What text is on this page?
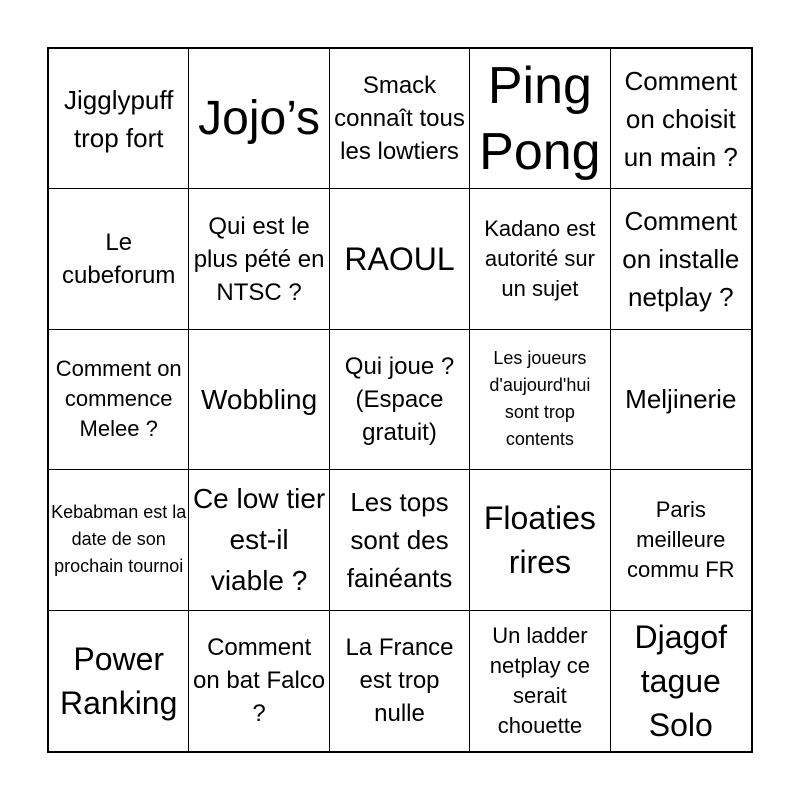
Jigglypuff trop fort Jojo’s
Smack connaît tous les lowtiers
Ping Pong
Comment on choisit un main ?
Le cubeforum
Qui est le plus pété en NTSC ?
RAOUL
Kadano est autorité sur un sujet
Comment on installe netplay ?
Comment on commence Melee ?
Wobbling
Qui joue ? (Espace gratuit)
Les joueurs d'aujourd'hui sont trop contents
Meljinerie
Kebabman est la date de son prochain tournoi
Ce low tier est-il viable ?
Les tops sont des fainéants
Floaties rires
Paris meilleure commu FR
Power Ranking
Comment on bat Falco ?
La France est trop nulle
Un ladder netplay ce serait chouette
Djagof tague Solo
